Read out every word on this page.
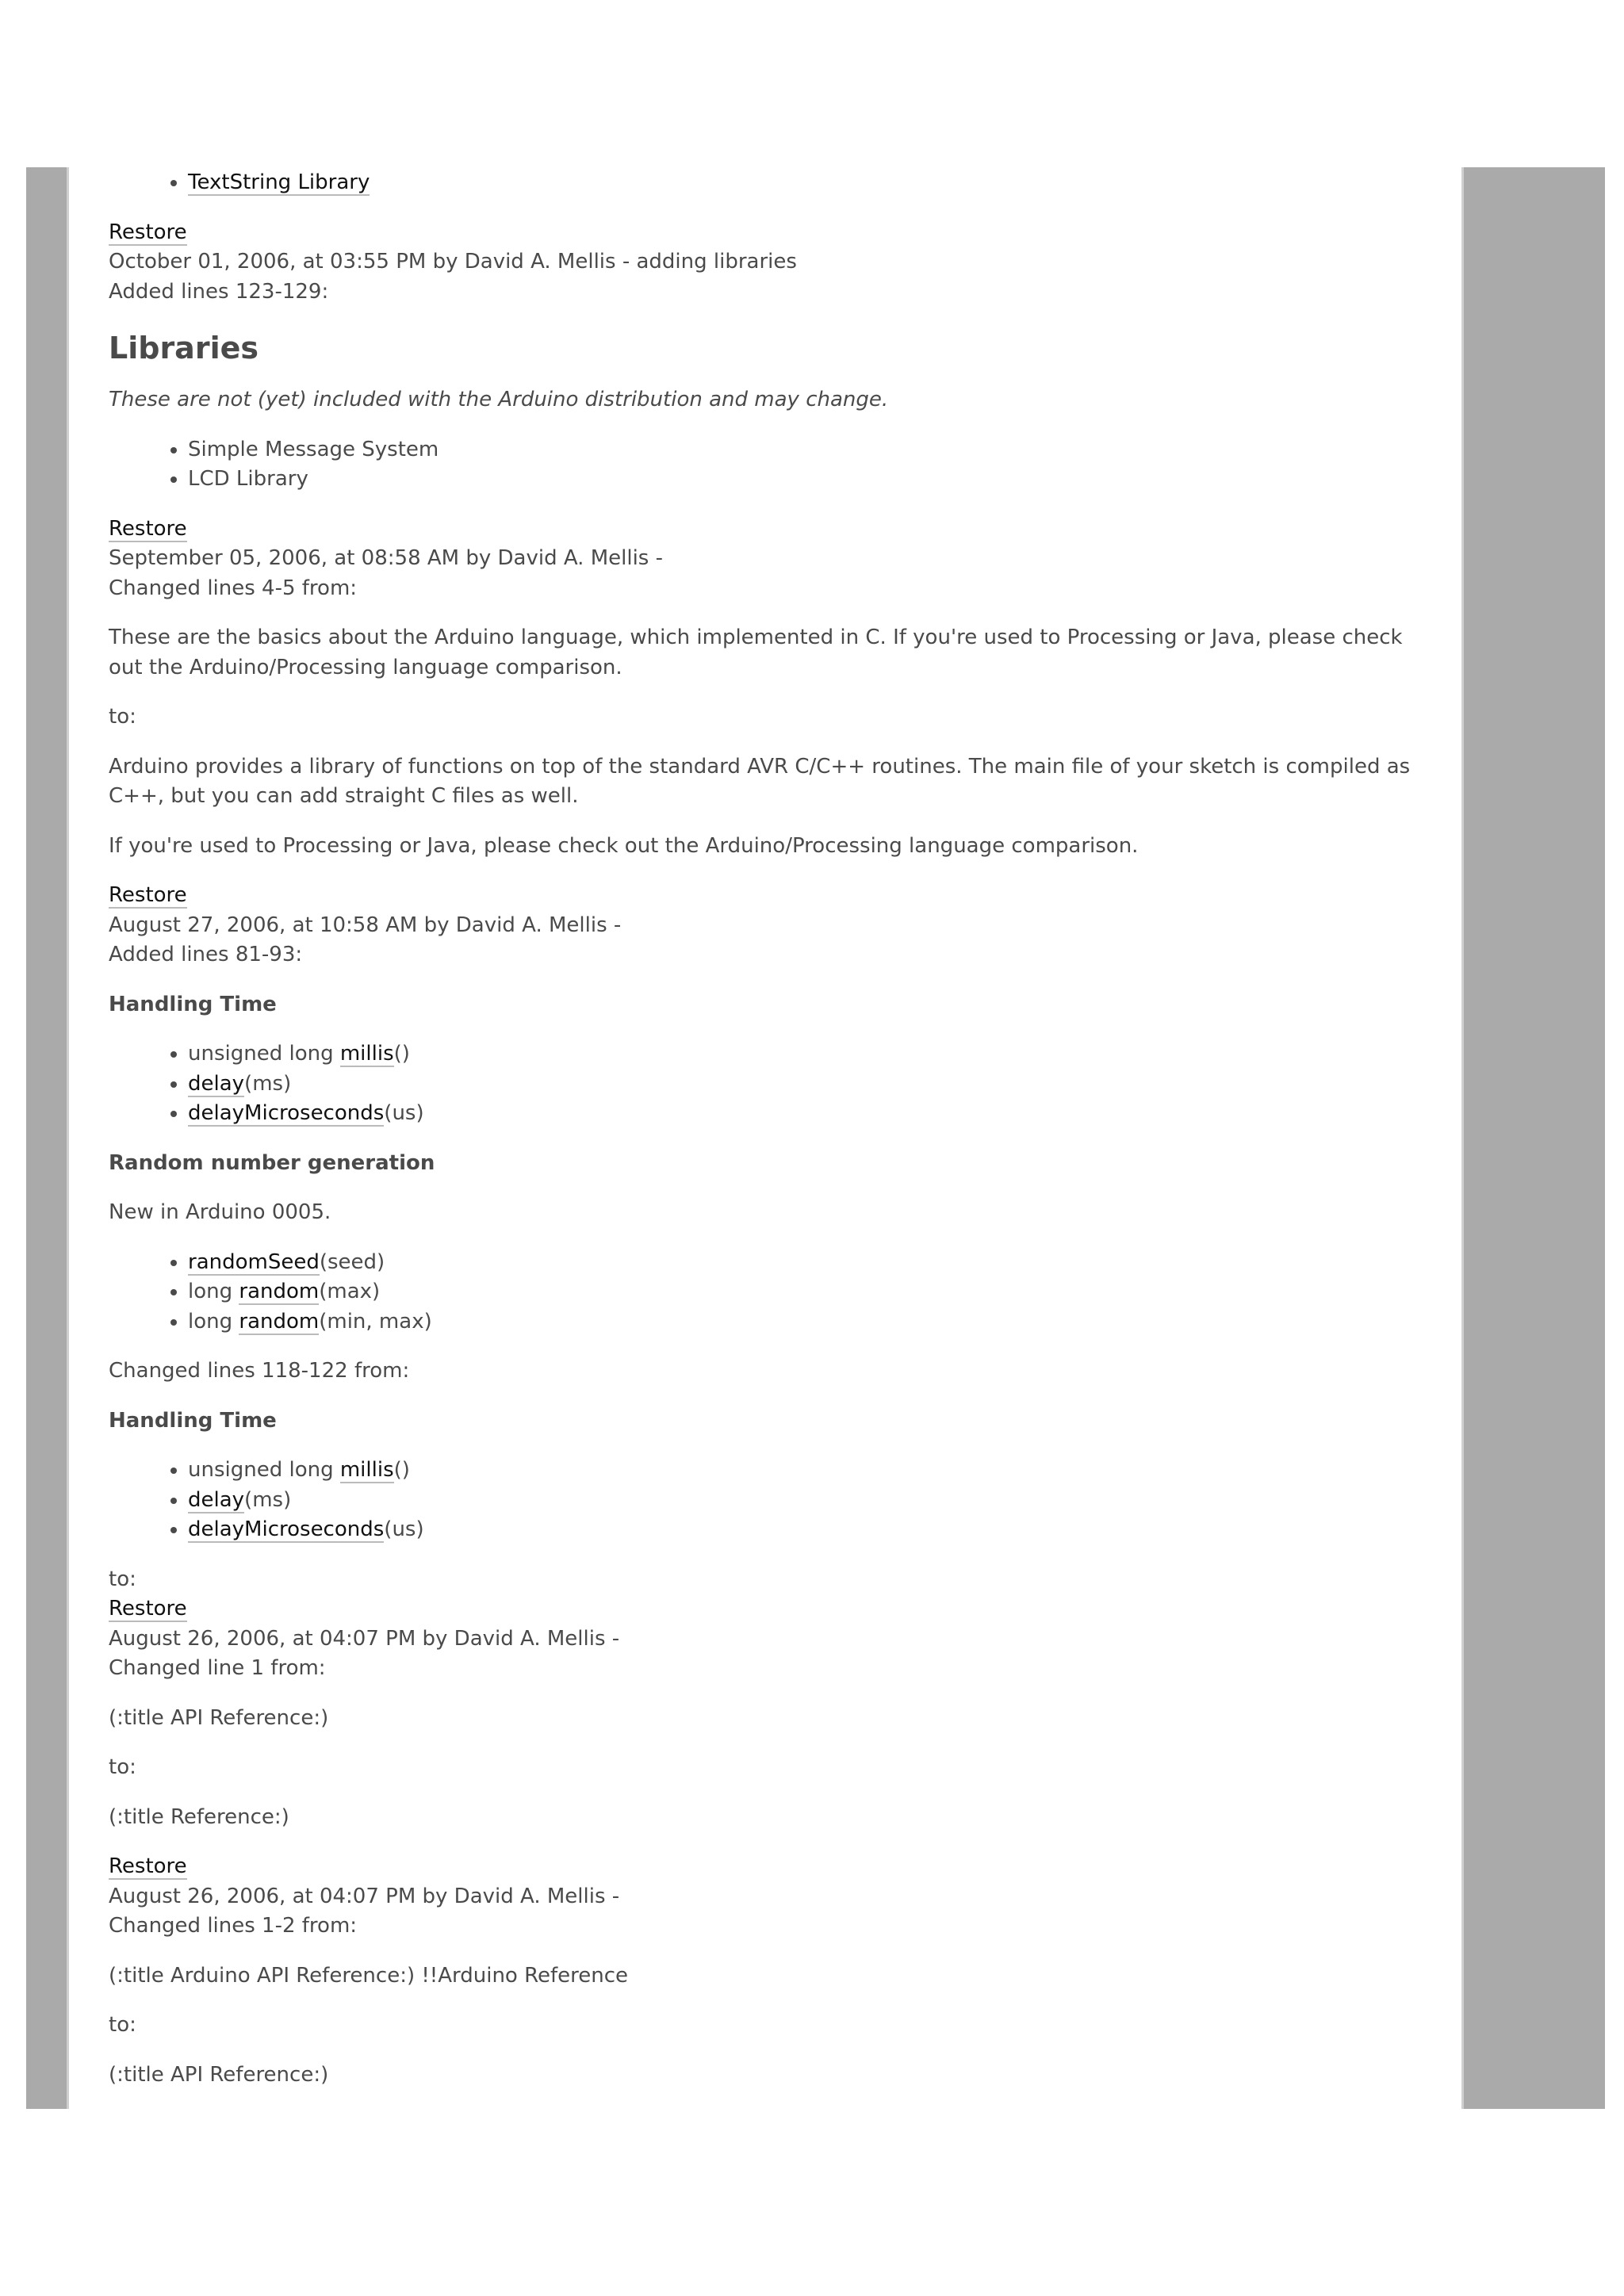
• TextString Library
Restore
October 01, 2006, at 03:55 PM by David A. Mellis - adding libraries
Added lines 123-129:
Libraries

These are not (yet) included with the Arduino distribution and may change.

• Simple Message System
• LCD Library
Restore
September 05, 2006, at 08:58 AM by David A. Mellis -
Changed lines 4-5 from:

These are the basics about the Arduino language, which implemented in C. If you're used to Processing or Java, please check out the Arduino/Processing language comparison.

to:

Arduino provides a library of functions on top of the standard AVR C/C++ routines. The main file of your sketch is compiled as C++, but you can add straight C files as well.

If you're used to Processing or Java, please check out the Arduino/Processing language comparison.

Restore
August 27, 2006, at 10:58 AM by David A. Mellis -
Added lines 81-93:

Handling Time

• unsigned long millis()
• delay(ms)
• delayMicroseconds(us)

Random number generation

New in Arduino 0005.

• randomSeed(seed)
• long random(max)
• long random(min, max)

Changed lines 118-122 from:

Handling Time

• unsigned long millis()
• delay(ms)
• delayMicroseconds(us)
to:
Restore
August 26, 2006, at 04:07 PM by David A. Mellis -
Changed line 1 from:

(:title API Reference:)

to:

(:title Reference:)

Restore
August 26, 2006, at 04:07 PM by David A. Mellis -
Changed lines 1-2 from:

(:title Arduino API Reference:) !!Arduino Reference

to:

(:title API Reference:)
